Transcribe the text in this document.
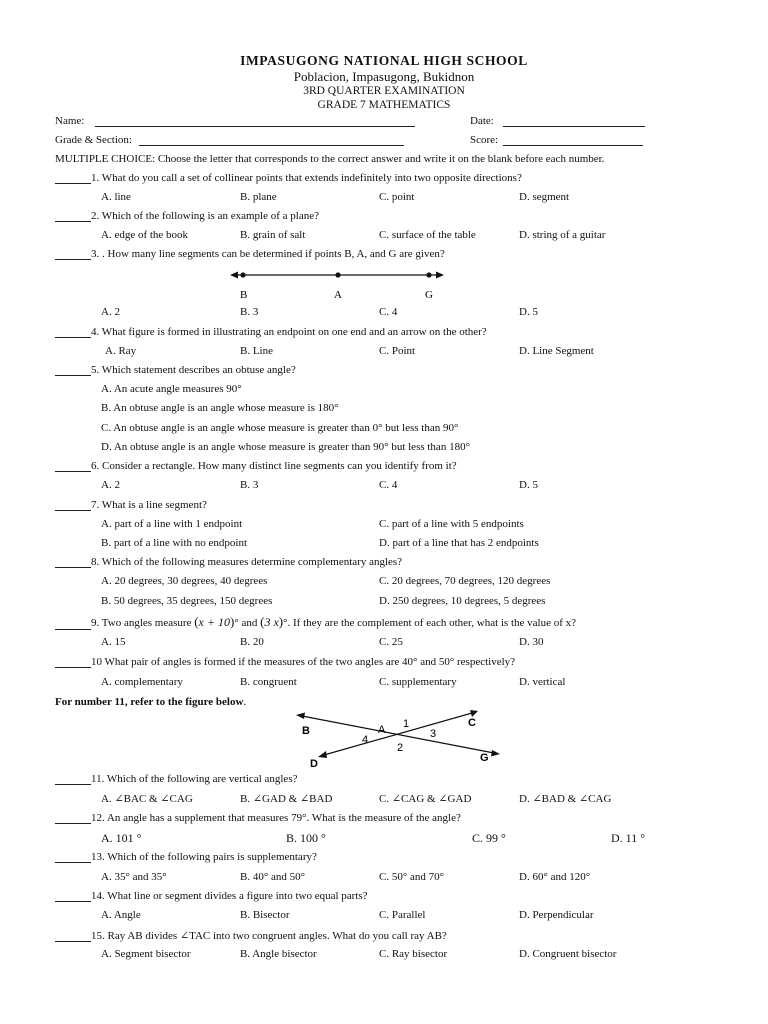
IMPASUGONG NATIONAL HIGH SCHOOL
Poblacion, Impasugong, Bukidnon
3RD QUARTER EXAMINATION
GRADE 7 MATHEMATICS
Name:	Date:
Grade & Section:	Score:
MULTIPLE CHOICE: Choose the letter that corresponds to the correct answer and write it on the blank before each number.
1. What do you call a set of collinear points that extends indefinitely into two opposite directions?
A. line	B. plane	C. point	D. segment
2. Which of the following is an example of a plane?
A. edge of the book	B. grain of salt	C. surface of the table	D. string of a guitar
3. . How many line segments can be determined if points B, A, and G are given?
B	A	G
A. 2	B. 3	C. 4	D. 5
4. What figure is formed in illustrating an endpoint on one end and an arrow on the other?
A. Ray	B. Line	C. Point	D. Line Segment
5. Which statement describes an obtuse angle?
A. An acute angle measures 90°
B. An obtuse angle is an angle whose measure is 180°
C. An obtuse angle is an angle whose measure is greater than 0° but less than 90°
D. An obtuse angle is an angle whose measure is greater than 90° but less than 180°
6. Consider a rectangle. How many distinct line segments can you identify from it?
A. 2	B. 3	C. 4	D. 5
7. What is a line segment?
A. part of a line with 1 endpoint	C. part of a line with 5 endpoints
B. part of a line with no endpoint	D. part of a line that has 2 endpoints
8. Which of the following measures determine complementary angles?
A. 20 degrees, 30 degrees, 40 degrees	C. 20 degrees, 70 degrees, 120 degrees
B. 50 degrees, 35 degrees, 150 degrees	D. 250 degrees, 10 degrees, 5 degrees
9. Two angles measure (x + 10)° and (3 x)°. If they are the complement of each other, what is the value of x?
A. 15	B. 20	C. 25	D. 30
10 What pair of angles is formed if the measures of the two angles are 40° and 50° respectively?
A. complementary	B. congruent	C. supplementary	D. vertical
For number 11, refer to the figure below.
B
C
D	G
A 1
2
3
4
11. Which of the following are vertical angles?
A. ∠BAC & ∠CAG	B. ∠GAD & ∠BAD	C. ∠CAG & ∠GAD	D. ∠BAD & ∠CAG
12. An angle has a supplement that measures 79°. What is the measure of the angle?
A. 101 °	B. 100 °	C. 99 °	D. 11 °
13. Which of the following pairs is supplementary?
A. 35° and 35°	B. 40° and 50°	C. 50° and 70°	D. 60° and 120°
14. What line or segment divides a figure into two equal parts?
A. Angle	B. Bisector	C. Parallel	D. Perpendicular
15. Ray AB divides ∠TAC into two congruent angles. What do you call ray AB?
A. Segment bisector	B. Angle bisector	C. Ray bisector	D. Congruent bisector
